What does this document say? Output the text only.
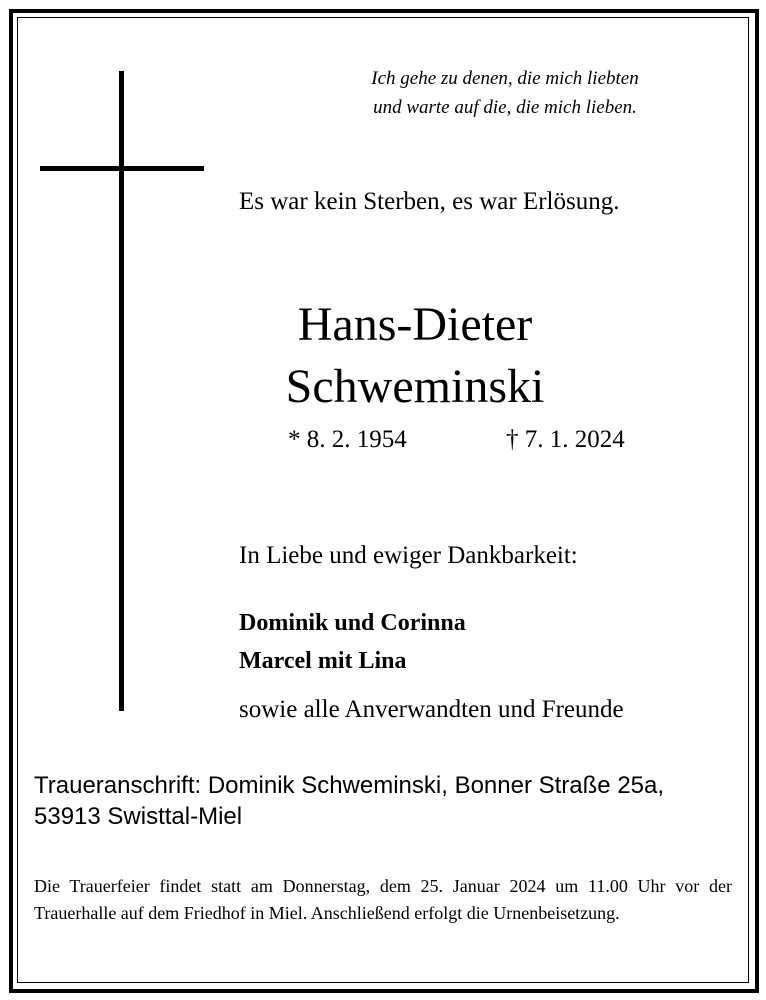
Ich gehe zu denen, die mich liebten
und warte auf die, die mich lieben.
Es war kein Sterben, es war Erlösung.
Hans-Dieter
Schweminski
* 8. 2. 1954	† 7. 1. 2024
In Liebe und ewiger Dankbarkeit:
Dominik und Corinna
Marcel mit Lina
sowie alle Anverwandten und Freunde
Traueranschrift: Dominik Schweminski, Bonner Straße 25a,
53913 Swisttal-Miel
Die Trauerfeier findet statt am Donnerstag, dem 25. Januar 2024 um 11.00 Uhr vor der Trauerhalle auf dem Friedhof in Miel. Anschließend erfolgt die Urnenbeisetzung.
